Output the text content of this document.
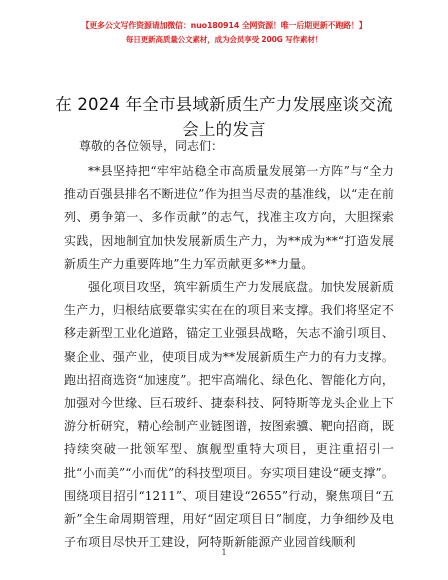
【更多公文写作资源请加微信：nuo180914 全网资源！唯一后期更新不跑路！】
每日更新高质量公文素材，成为会员享受 200G 写作素材！
在 2024 年全市县域新质生产力发展座谈交流会上的发言
尊敬的各位领导，同志们：

**县坚持把“牢牢站稳全市高质量发展第一方阵”与“全力推动百强县排名不断进位”作为担当尽责的基准线，以“走在前列、勇争第一、多作贡献”的志气，找准主攻方向，大胆探索实践，因地制宜加快发展新质生产力，为**成为**“打造发展新质生产力重要阵地”生力军贡献更多**力量。

强化项目攻坚，筑牢新质生产力发展底盘。加快发展新质生产力，归根结底要靠实实在在的项目来支撑。我们将坚定不移走新型工业化道路，锚定工业强县战略，矢志不渝引项目、聚企业、强产业，使项目成为**发展新质生产力的有力支撑。跑出招商选资“加速度”。把牢高端化、绿色化、智能化方向，加强对今世缘、巨石玻纤、捷泰科技、阿特斯等龙头企业上下游分析研究，精心绘制产业链图谱，按图索骥、靶向招商，既持续突破一批领军型、旗舰型重特大项目，更注重招引一批“小而美”“小而优”的科技型项目。夯实项目建设“硬支撑”。围绕项目招引“1211”、项目建设“2655”行动，聚焦项目“五新”全生命周期管理，用好“固定项目日”制度，力争细纱及电子布项目尽快开工建设，阿特斯新能源产业园首线顺利

1
